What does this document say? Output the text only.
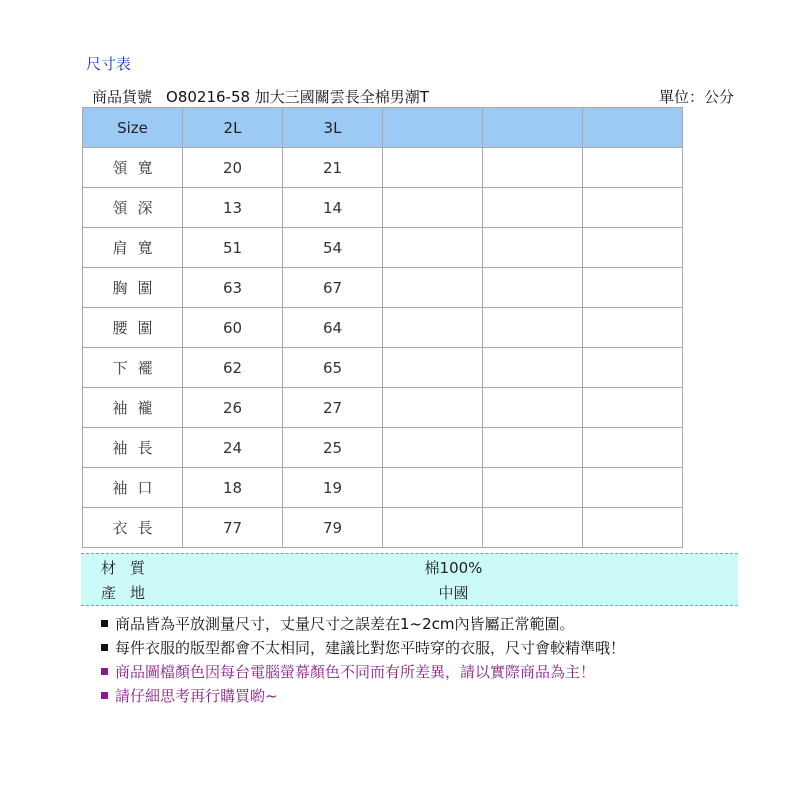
尺寸表
商品貨號 O80216-58 加大三國關雲長全棉男潮T	單位：公分
Size	2L	3L			
領寬	20	21			
領深	13	14			
肩寬	51	54			
胸圍	63	67			
腰圍	60	64			
下襬	62	65			
袖襱	26	27			
袖長	24	25			
袖口	18	19			
衣長	77	79			
材質	棉100%
產地	中國
商品皆為平放測量尺寸，丈量尺寸之誤差在1~2cm內皆屬正常範圍。
每件衣服的版型都會不太相同，建議比對您平時穿的衣服，尺寸會較精準哦！
商品圖檔顏色因每台電腦螢幕顏色不同而有所差異，請以實際商品為主！
請仔細思考再行購買喲~
